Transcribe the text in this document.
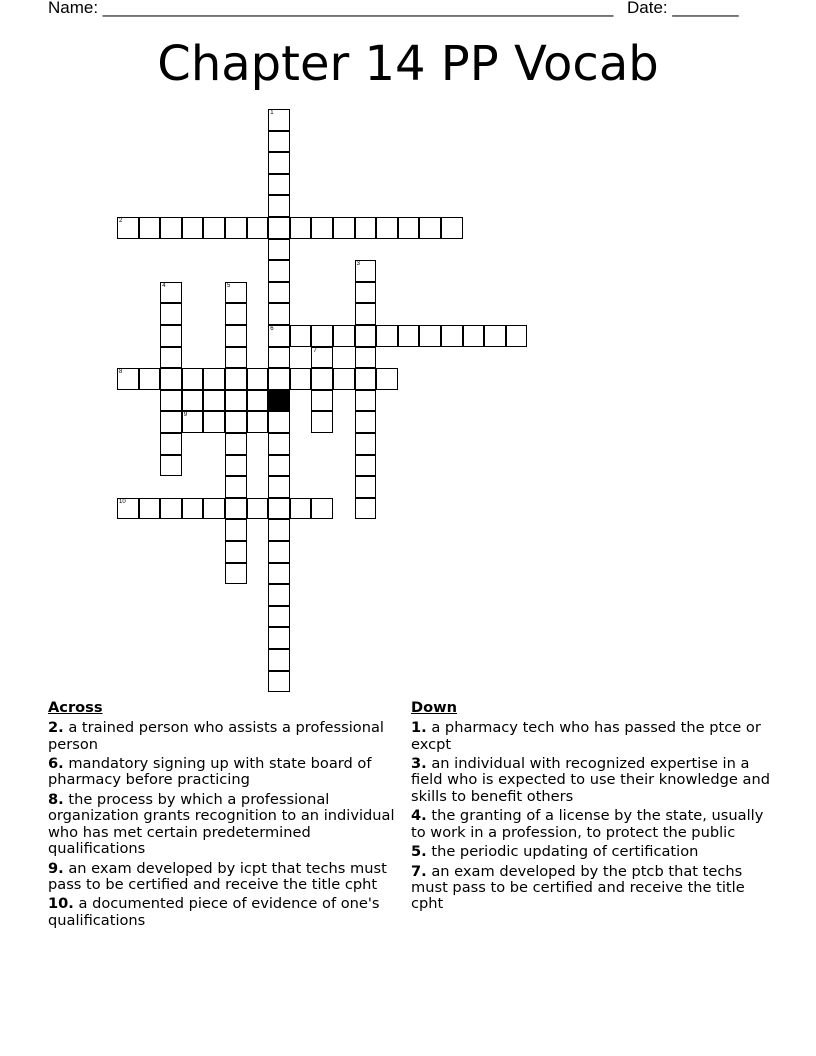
Name: ______________________________________________________ Date: _______
Chapter 14 PP Vocab
1
6
2
3
4	5
7
8
9
10
Across
2. a trained person who assists a professional person
6. mandatory signing up with state board of pharmacy before practicing
8. the process by which a professional organization grants recognition to an individual who has met certain predetermined qualifications
9. an exam developed by icpt that techs must pass to be certified and receive the title cpht
10. a documented piece of evidence of one's qualifications
Down
1. a pharmacy tech who has passed the ptce or excpt
3. an individual with recognized expertise in a field who is expected to use their knowledge and skills to benefit others
4. the granting of a license by the state, usually to work in a profession, to protect the public
5. the periodic updating of certification
7. an exam developed by the ptcb that techs must pass to be certified and receive the title cpht
